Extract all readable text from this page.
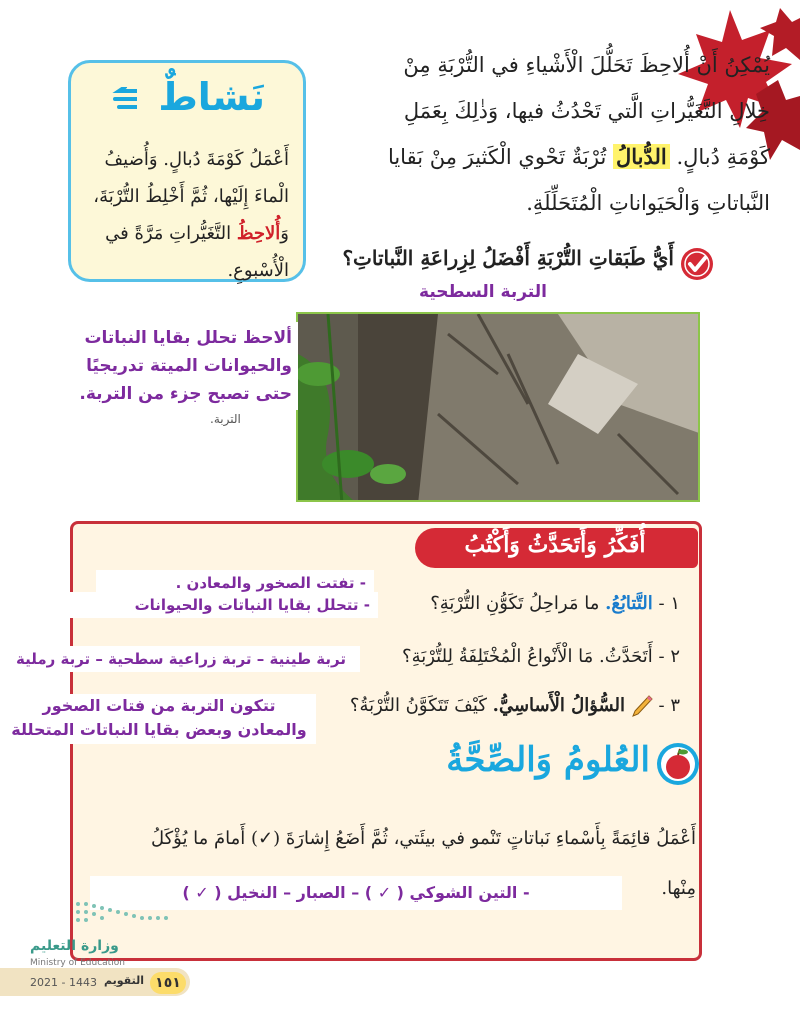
يُمْكِنُ أَنْ أُلاحِظَ تَحَلُّلَ الْأَشْياءِ في التُّرْبَةِ مِنْ
خِلالِ التَّغَيُّراتِ الَّتي تَحْدُثُ فيها، وَذٰلِكَ بِعَمَلِ
كَوْمَةِ دُبالٍ. الدُّبالُ تُرْبَةٌ تَحْوي الْكَثيرَ مِنْ بَقايا
النَّباتاتِ وَالْحَيَواناتِ الْمُتَحَلِّلَةِ.
نَشاطٌ
أَعْمَلُ كَوْمَةَ دُبالٍ. وَأُضيفُ الْماءَ إِلَيْها، ثُمَّ أَخْلِطُ التُّرْبَةَ، وَأُلاحِظُ التَّغَيُّراتِ مَرَّةً في الْأُسْبوعِ.
أَيُّ طَبَقاتِ التُّرْبَةِ أَفْضَلُ لِزِراعَةِ النَّباتاتِ؟
التربة السطحية
ألاحظ تحلل بقايا النباتات والحيوانات الميتة تدريجيًا حتى تصبح جزء من التربة.
التربة.
أُفَكِّرُ وَأَتَحَدَّثُ وَأَكْتُبُ
- تفتت الصخور والمعادن .
- تتحلل بقايا النباتات والحيوانات	١ - التَّتابُعُ. ما مَراحِلُ تَكَوُّنِ التُّرْبَةِ؟
٢ - أَتَحَدَّثُ. مَا الْأَنْواعُ الْمُخْتَلِفَةُ لِلتُّرْبَةِ؟
تربة طينية – تربة زراعية سطحية – تربة رملية
٣ -  السُّؤالُ الْأَساسِيُّ. كَيْفَ تَتَكَوَّنُ التُّرْبَةُ؟
تتكون التربة من فتات الصخور
والمعادن وبعض بقايا النباتات المتحللة
العُلومُ وَالصِّحَّةُ
أَعْمَلُ قائِمَةً بِأَسْماءِ نَباتاتٍ تَنْمو في بيئَتي، ثُمَّ أَضَعُ إِشارَةَ (✓) أَمامَ ما يُؤْكَلُ
مِنْها.
- التين الشوكي ( ✓ ) – الصبار – النخيل ( ✓ )
وزارة التعليم
Ministry of Education
١٥١
التقويم
2021 - 1443
